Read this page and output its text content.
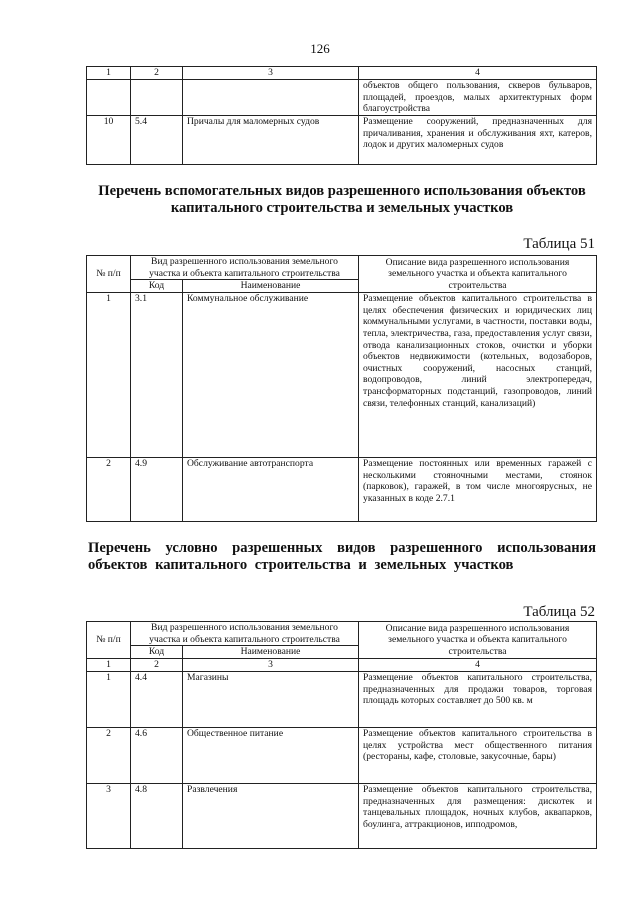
126
1	2	3	4
			объектов общего пользования, скверов бульваров, площадей, проездов, малых архитектурных форм благоустройства
10	5.4	Причалы для маломерных судов	Размещение сооружений, предназначенных для причаливания, хранения и обслуживания яхт, катеров, лодок и других маломерных судов
Перечень вспомогательных видов разрешенного использования объектов капитального строительства и земельных участков
Таблица 51
№ п/п	Вид разрешенного использования земельного участка и объекта капитального строительства		Описание вида разрешенного использования земельного участка и объекта капитального строительства
	Код	Наименование	
1	3.1	Коммунальное обслуживание	Размещение объектов капитального строительства в целях обеспечения физических и юридических лиц коммунальными услугами, в частности, поставки воды, тепла, электричества, газа, предоставления услуг связи, отвода канализационных стоков, очистки и уборки объектов недвижимости (котельных, водозаборов, очистных сооружений, насосных станций, водопроводов, линий электропередач, трансформаторных подстанций, газопроводов, линий связи, телефонных станций, канализаций)
2	4.9	Обслуживание автотранспорта	Размещение постоянных или временных гаражей с несколькими стояночными местами, стоянок (парковок), гаражей, в том числе многоярусных, не указанных в коде 2.7.1
Перечень условно разрешенных видов разрешенного использования объектов капитального строительства и земельных участков
Таблица 52
№ п/п	Вид разрешенного использования земельного участка и объекта капитального строительства		Описание вида разрешенного использования земельного участка и объекта капитального строительства
	Код	Наименование	
1	2	3	4
1	4.4	Магазины	Размещение объектов капитального строительства, предназначенных для продажи товаров, торговая площадь которых составляет до 500 кв. м
2	4.6	Общественное питание	Размещение объектов капитального строительства в целях устройства мест общественного питания (рестораны, кафе, столовые, закусочные, бары)
3	4.8	Развлечения	Размещение объектов капитального строительства, предназначенных для размещения: дискотек и танцевальных площадок, ночных клубов, аквапарков, боулинга, аттракционов, ипподромов,
